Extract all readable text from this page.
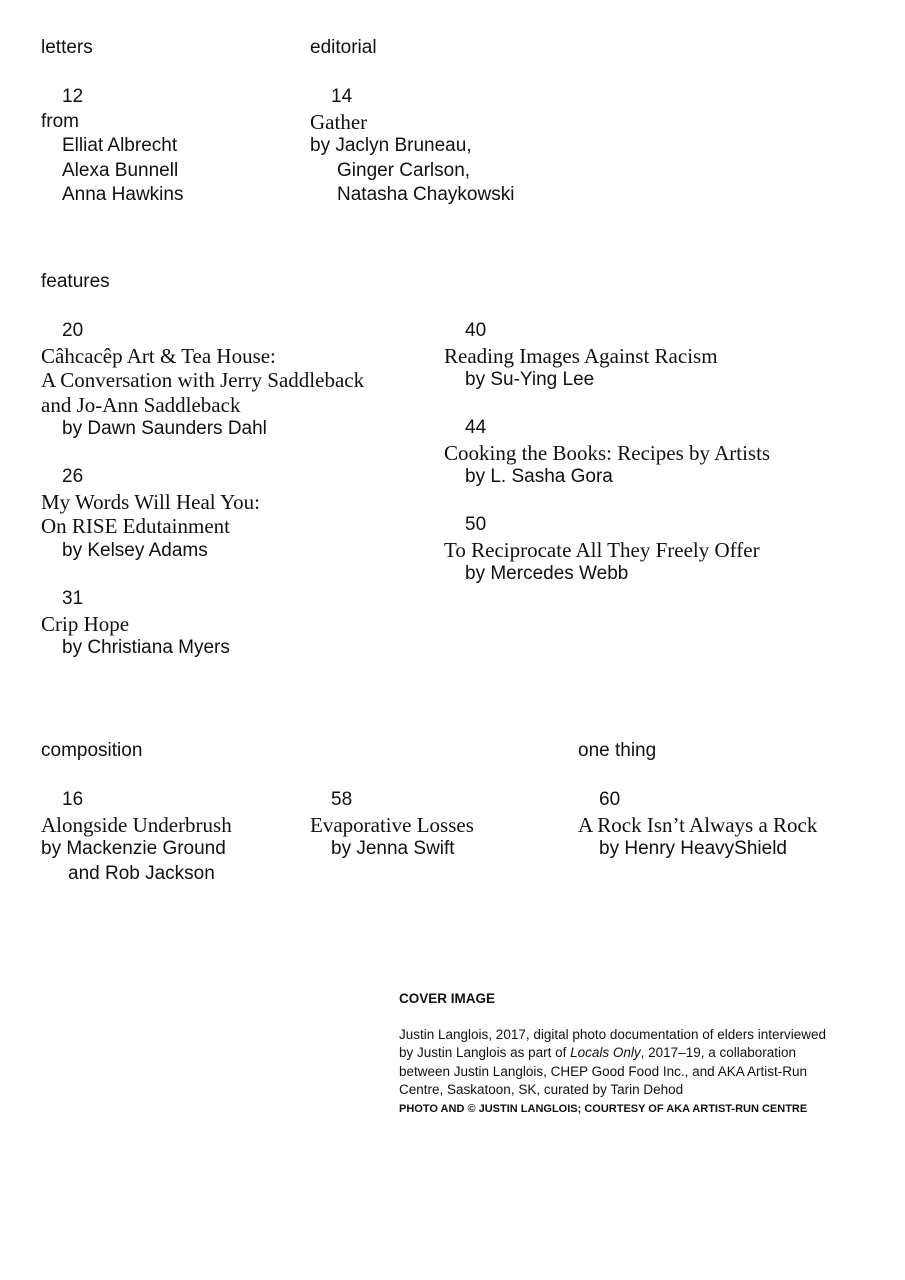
letters	editorial
features
composition	one thing
12
from
Elliat Albrecht
Alexa Bunnell
Anna Hawkins
14
Gather
by Jaclyn Bruneau,
Ginger Carlson,
Natasha Chaykowski
20
Câhcacêp Art & Tea House:
A Conversation with Jerry Saddleback
and Jo-Ann Saddleback
by Dawn Saunders Dahl
26
My Words Will Heal You:
On RISE Edutainment
by Kelsey Adams
31
Crip Hope
by Christiana Myers
40
Reading Images Against Racism
by Su-Ying Lee
44
Cooking the Books: Recipes by Artists
by L. Sasha Gora
50
To Reciprocate All They Freely Offer
by Mercedes Webb
16
Alongside Underbrush
by Mackenzie Ground
and Rob Jackson
58
Evaporative Losses
by Jenna Swift
60
A Rock Isn’t Always a Rock
by Henry HeavyShield
COVER IMAGE
Justin Langlois, 2017, digital photo documentation of elders interviewed by Justin Langlois as part of Locals Only, 2017–19, a collaboration between Justin Langlois, CHEP Good Food Inc., and AKA Artist-Run Centre, Saskatoon, SK, curated by Tarin Dehod
PHOTO AND © JUSTIN LANGLOIS; COURTESY OF AKA ARTIST-RUN CENTRE
